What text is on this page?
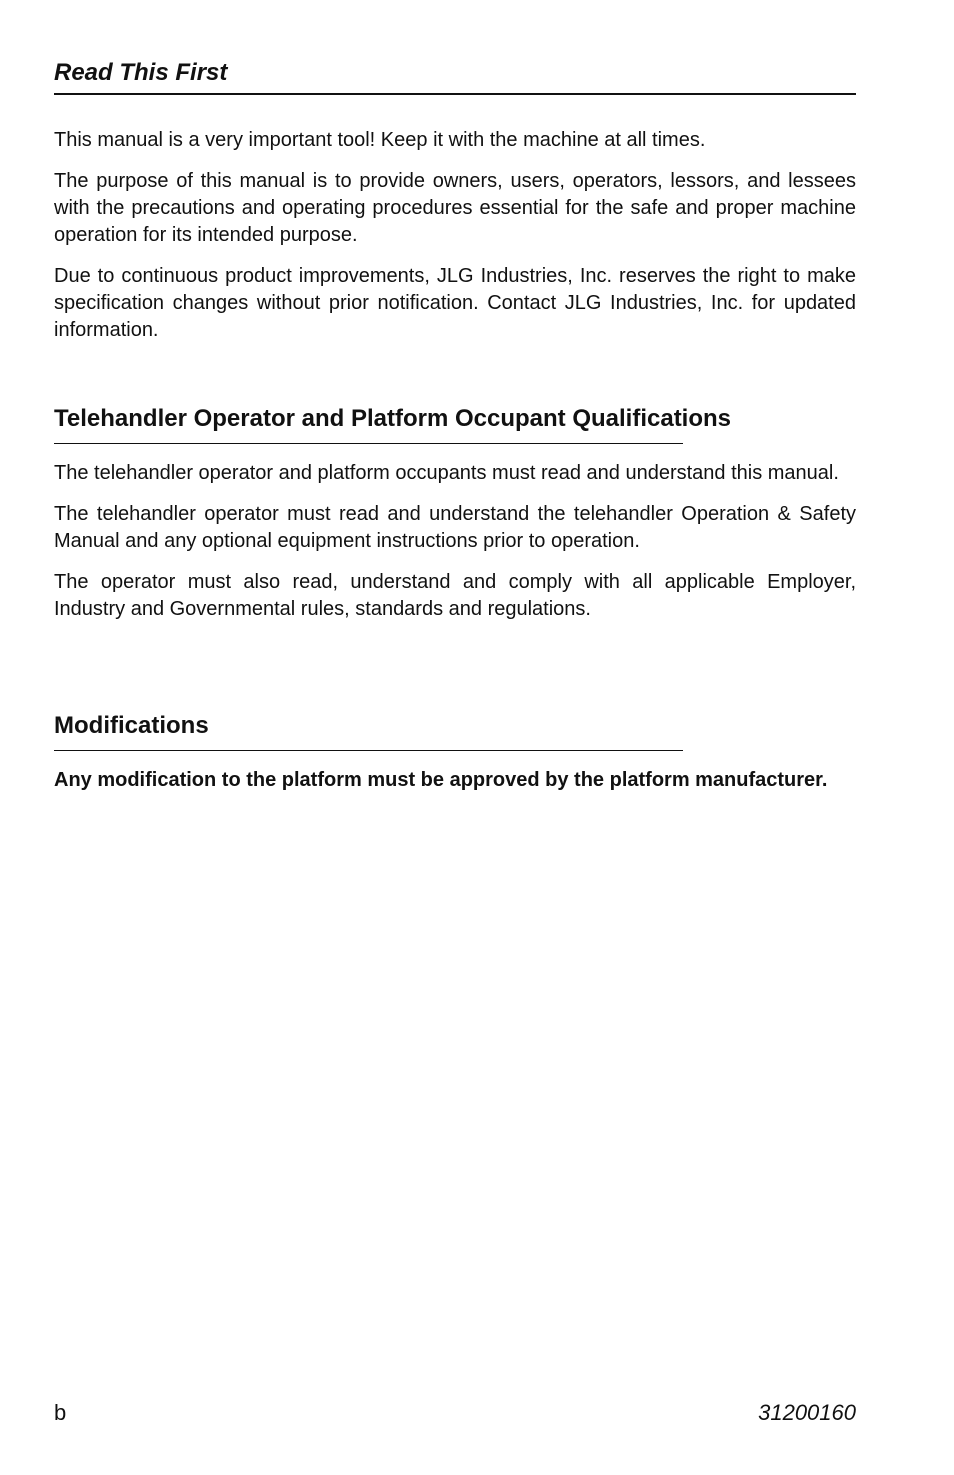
Read This First

This manual is a very important tool! Keep it with the machine at all times.

The purpose of this manual is to provide owners, users, operators, lessors, and lessees with the precautions and operating procedures essential for the safe and proper machine operation for its intended purpose.

Due to continuous product improvements, JLG Industries, Inc. reserves the right to make specification changes without prior notification. Contact JLG Industries, Inc. for updated information.

Telehandler Operator and Platform Occupant Qualifications

The telehandler operator and platform occupants must read and understand this manual.

The telehandler operator must read and understand the telehandler Operation & Safety Manual and any optional equipment instructions prior to operation.

The operator must also read, understand and comply with all applicable Employer, Industry and Governmental rules, standards and regulations.

Modifications

Any modification to the platform must be approved by the platform manufacturer.

b	31200160
